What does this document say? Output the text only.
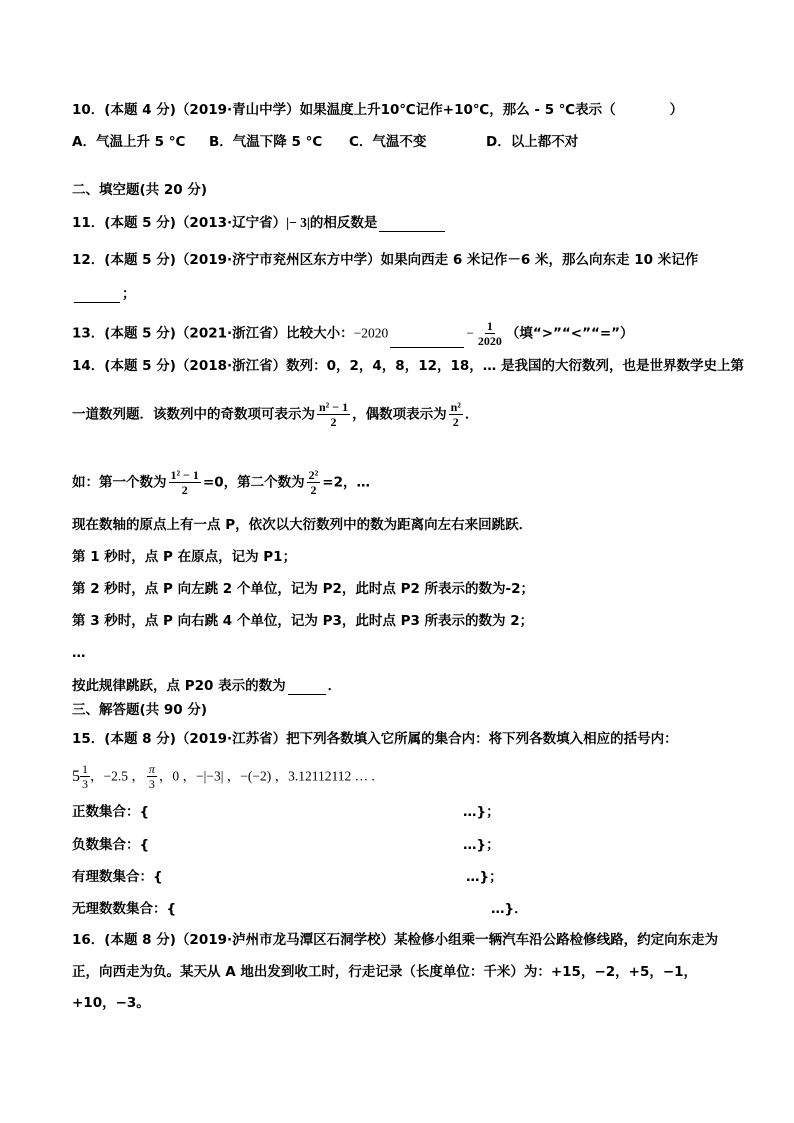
10．(本题 4 分)（2019·青山中学）如果温度上升10℃记作+10℃，那么 - 5 ℃表示（　　　　）
A．气温上升 5 °C B．气温下降 5 °C C．气温不变	D．以上都不对
二、填空题(共 20 分)
11．(本题 5 分)（2013·辽宁省）|− 3|的相反数是
12．(本题 5 分)（2019·济宁市兖州区东方中学）如果向西走 6 米记作－6 米，那么向东走 10 米记作
；
13．(本题 5 分)（2021·浙江省）比较大小：−2020	− $\frac{1}{2020}$ （填“>”“<”“=”）
14．(本题 5 分)（2018·浙江省）数列：0，2，4，8，12，18，… 是我国的大衍数列，也是世界数学史上第
一道数列题．该数列中的奇数项可表示为 $\frac{\text{n² − 1}}{2}$ ，偶数项表示为 $\frac{\text{n²}}{2}$ ．
如：第一个数为 $\frac{\text{1² − 1}}{2} =0$，第二个数为 $\frac{\text{2²}}{2} =2$，…
现在数轴的原点上有一点 P，依次以大衍数列中的数为距离向左右来回跳跃．
第 1 秒时，点 P 在原点，记为 P1；
第 2 秒时，点 P 向左跳 2 个单位，记为 P2，此时点 P2 所表示的数为-2；
第 3 秒时，点 P 向右跳 4 个单位，记为 P3，此时点 P3 所表示的数为 2；
…
按此规律跳跃，点 P20 表示的数为	．
三、解答题(共 90 分)
15．(本题 8 分)（2019·江苏省）把下列各数填入它所属的集合内：将下列各数填入相应的括号内：
$5 \frac{1}{3}$ ，−2.5 ， $\frac{\pi}{3}$ ，0 ，−|−3| ，−(−2) ，3.12112112 … .
正数集合：{	…}；
负数集合：{	…}；
有理数集合：{	…}；
无理数数集合：{	…}．
16．(本题 8 分)（2019·泸州市龙马潭区石洞学校）某检修小组乘一辆汽车沿公路检修线路，约定向东走为
正，向西走为负。某天从 A 地出发到收工时，行走记录（长度单位：千米）为：+15，−2，+5，−1，
+10，−3。
